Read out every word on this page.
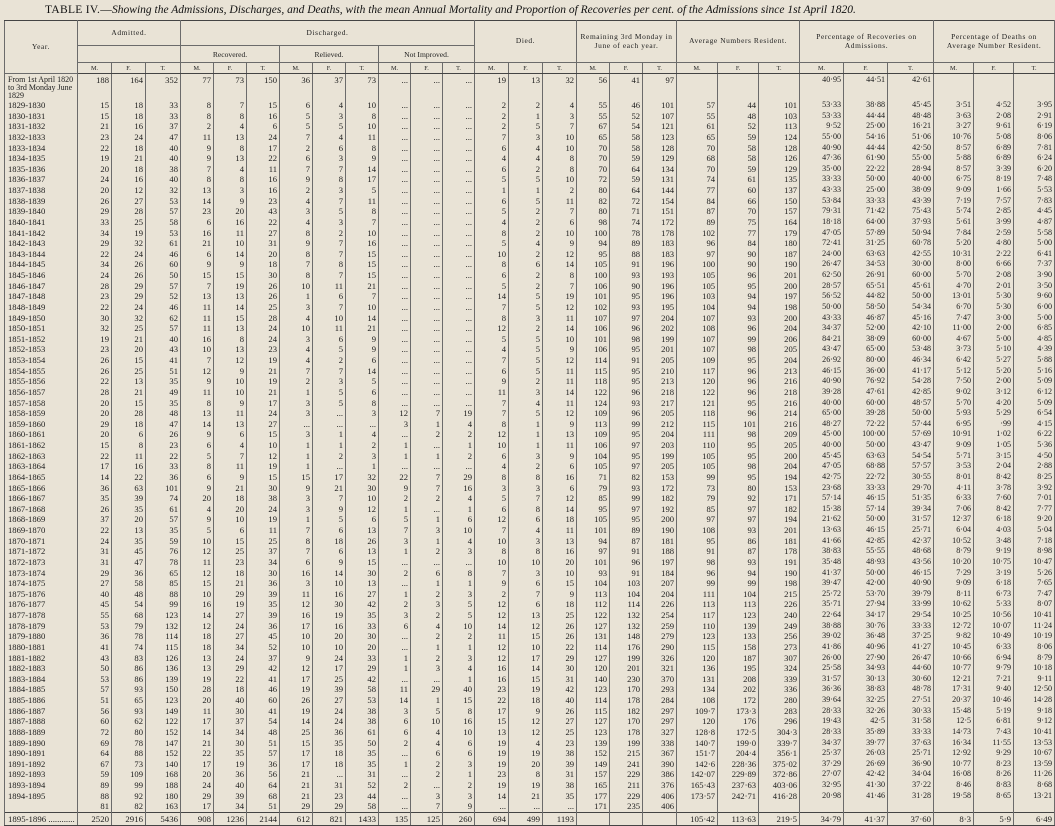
TABLE IV.—Showing the Admissions, Discharges, and Deaths, with the mean Annual Mortality and Proportion of Recoveries per cent. of the Admissions since 1st April 1820.
Year.	Admitted.			Discharged.									Died.			Remaining 3rd Monday in June of each year.			Average Numbers Resident.			Percentage of Recoveries on Admissions.			Percentage of Deaths on Average Number Resident.		
				Recovered.			Relieved.			Not Improved.																	
	M.	F.	T.	M.	F.	T.	M.	F.	T.	M.	F.	T.	M.	F.	T.	M.	F.	T.	M.	F.	T.	M.	F.	T.	M.	F.	T.
From 1st April 1820 to 3rd Monday June 1829	188	164	352	77	73	150	36	37	73	...	...	...	19	13	32	56	41	97				40·95	44·51	42·61			
1829-1830	15	18	33	8	7	15	6	4	10	...	...	...	2	2	4	55	46	101	57	44	101	53·33	38·88	45·45	3·51	4·52	3·95
1830-1831	15	18	33	8	8	16	5	3	8	...	...	...	2	1	3	55	52	107	55	48	103	53·33	44·44	48·48	3·63	2·08	2·91
1831-1832	21	16	37	2	4	6	5	5	10	...	...	...	2	5	7	67	54	121	61	52	113	9·52	25·00	16·21	3·27	9·61	6·19
1832-1833	23	24	47	11	13	24	7	4	11	...	...	...	7	3	10	65	58	123	65	59	124	55·00	54·16	51·06	10·76	5·08	8·06
1833-1834	22	18	40	9	8	17	2	6	8	...	...	...	6	4	10	70	58	128	70	58	128	40·90	44·44	42·50	8·57	6·89	7·81
1834-1835	19	21	40	9	13	22	6	3	9	...	...	...	4	4	8	70	59	129	68	58	126	47·36	61·90	55·00	5·88	6·89	6·24
1835-1836	20	18	38	7	4	11	7	7	14	...	...	...	6	2	8	70	64	134	70	59	129	35·00	22·22	28·94	8·57	3·39	6·20
1836-1837	24	16	40	8	8	16	9	8	17	...	...	...	5	5	10	72	59	131	74	61	135	33·33	50·00	40·00	6·75	8·19	7·48
1837-1838	20	12	32	13	3	16	2	3	5	...	...	...	1	1	2	80	64	144	77	60	137	43·33	25·00	38·09	9·09	1·66	5·53
1838-1839	26	27	53	14	9	23	4	7	11	...	...	...	6	5	11	82	72	154	84	66	150	53·84	33·33	43·39	7·19	7·57	7·83
1839-1840	29	28	57	23	20	43	3	5	8	...	...	...	5	2	7	80	71	151	87	70	157	79·31	71·42	75·43	5·74	2·85	4·45
1840-1841	33	25	58	6	16	22	4	3	7	...	...	...	4	2	6	98	74	172	89	75	164	18·18	64·00	37·93	5·61	3·99	4·87
1841-1842	34	19	53	16	11	27	8	2	10	...	...	...	8	2	10	100	78	178	102	77	179	47·05	57·89	50·94	7·84	2·59	5·58
1842-1843	29	32	61	21	10	31	9	7	16	...	...	...	5	4	9	94	89	183	96	84	180	72·41	31·25	60·78	5·20	4·80	5·00
1843-1844	22	24	46	6	14	20	8	7	15	...	...	...	10	2	12	95	88	183	97	90	187	24·00	63·63	42·55	10·31	2·22	6·41
1844-1845	34	26	60	9	9	18	7	8	15	...	...	...	8	6	14	105	91	196	100	90	190	26·47	34·53	30·00	8·00	6·66	7·37
1845-1846	24	26	50	15	15	30	8	7	15	...	...	...	6	2	8	100	93	193	105	96	201	62·50	26·91	60·00	5·70	2·08	3·90
1846-1847	28	29	57	7	19	26	10	11	21	...	...	...	5	2	7	106	90	196	105	95	200	28·57	65·51	45·61	4·70	2·01	3·50
1847-1848	23	29	52	13	13	26	1	6	7	...	...	...	14	5	19	101	95	196	103	94	197	56·52	44·82	50·00	13·01	5·30	9·60
1848-1849	22	24	46	11	14	25	3	7	10	...	...	...	7	5	12	102	93	195	104	94	198	50·00	58·50	54·34	6·70	5·30	6·00
1849-1850	30	32	62	11	15	28	4	10	14	...	...	...	8	3	11	107	97	204	107	93	200	43·33	46·87	45·16	7·47	3·00	5·00
1850-1851	32	25	57	11	13	24	10	11	21	...	...	...	12	2	14	106	96	202	108	96	204	34·37	52·00	42·10	11·00	2·00	6·85
1851-1852	19	21	40	16	8	24	3	6	9	...	...	...	5	5	10	101	98	199	107	99	206	84·21	38·09	60·00	4·67	5·00	4·85
1852-1853	23	20	43	10	13	23	4	5	9	...	...	...	4	5	9	106	95	201	107	98	205	43·47	65·00	53·48	3·73	5·10	4·39
1853-1854	26	15	41	7	12	19	4	2	6	...	...	...	7	5	12	114	91	205	109	95	204	26·92	80·00	46·34	6·42	5·27	5·88
1854-1855	26	25	51	12	9	21	7	7	14	...	...	...	6	5	11	115	95	210	117	96	213	46·15	36·00	41·17	5·12	5·20	5·16
1855-1856	22	13	35	9	10	19	2	3	5	...	...	...	9	2	11	118	95	213	120	96	216	40·90	76·92	54·28	7·50	2·00	5·09
1856-1857	28	21	49	11	10	21	1	5	6	...	...	...	11	3	14	122	96	218	122	96	218	39·28	47·61	42·85	9·02	3·12	6·12
1857-1858	20	15	35	8	9	17	3	5	8	...	...	...	7	4	11	124	93	217	121	95	216	40·00	60·00	48·57	5·70	4·20	5·09
1858-1859	20	28	48	13	11	24	3	...	3	12	7	19	7	5	12	109	96	205	118	96	214	65·00	39·28	50·00	5·93	5·29	6·54
1859-1860	29	18	47	14	13	27	...	...	...	3	1	4	8	1	9	113	99	212	115	101	216	48·27	72·22	57·44	6·95	·99	4·15
1860-1861	20	6	26	9	6	15	3	1	4	...	2	2	12	1	13	109	95	204	111	98	209	45·00	100·00	57·69	10·91	1·02	6·22
1861-1862	15	8	23	6	4	10	1	1	2	1	...	1	10	1	11	106	97	203	110	95	205	40·00	50·00	43·47	9·09	1·05	5·36
1862-1863	22	11	22	5	7	12	1	2	3	1	1	2	6	3	9	104	95	199	105	95	200	45·45	63·63	54·54	5·71	3·15	4·50
1863-1864	17	16	33	8	11	19	1	...	1	...	...	...	4	2	6	105	97	205	105	98	204	47·05	68·88	57·57	3·53	2·04	2·88
1864-1865	14	22	36	6	9	15	15	17	32	22	7	29	8	8	16	71	82	153	99	95	194	42·75	22·72	30·55	8·01	8·42	8·25
1865-1866	36	63	101	9	21	30	9	21	30	9	7	16	3	3	6	79	93	172	73	80	153	23·68	33·33	29·70	4·11	3·78	3·92
1866-1867	35	39	74	20	18	38	3	7	10	2	2	4	5	7	12	85	99	182	79	92	171	57·14	46·15	51·35	6·33	7·60	7·01
1867-1868	26	35	61	4	20	24	3	9	12	1	...	1	6	8	14	95	97	192	85	97	182	15·38	57·14	39·34	7·06	8·42	7·77
1868-1869	37	20	57	9	10	19	1	5	6	5	1	6	12	6	18	105	95	200	97	97	194	21·62	50·00	31·57	12·37	6·18	9·20
1869-1870	22	13	35	5	6	11	7	6	13	7	3	10	7	4	11	101	89	190	108	93	201	13·63	46·15	25·71	6·04	4·03	5·04
1870-1871	24	35	59	10	15	25	8	18	26	3	1	4	10	3	13	94	87	181	95	86	181	41·66	42·85	42·37	10·52	3·48	7·18
1871-1872	31	45	76	12	25	37	7	6	13	1	2	3	8	8	16	97	91	188	91	87	178	38·83	55·55	48·68	8·79	9·19	8·98
1872-1873	31	47	78	11	23	34	6	9	15	...	...	...	10	10	20	101	96	197	98	93	191	35·48	48·93	43·56	10·20	10·75	10·47
1873-1874	29	36	65	12	18	30	16	14	30	2	6	8	7	3	10	93	91	184	96	94	190	41·37	50·00	46·15	7·29	3·19	5·26
1874-1875	27	58	85	15	21	36	3	10	13	...	1	1	9	6	15	104	103	207	99	99	198	39·47	42·00	40·90	9·09	6·18	7·65
1875-1876	40	48	88	10	29	39	11	16	27	1	2	3	2	7	9	113	104	204	111	104	215	25·72	53·70	39·79	8·11	6·73	7·47
1876-1877	45	54	99	16	19	35	12	30	42	2	3	5	12	6	18	112	114	226	113	113	226	35·71	27·94	33·99	10·62	5·33	8·07
1877-1878	55	68	123	14	27	39	16	19	35	3	2	5	12	13	25	122	132	254	117	123	240	22·64	34·17	29·54	10·25	10·56	10·41
1878-1879	53	79	132	12	24	36	17	16	33	6	4	10	14	12	26	127	132	259	110	139	249	38·88	30·76	33·33	12·72	10·07	11·24
1879-1880	36	78	114	18	27	45	10	20	30	...	2	2	11	15	26	131	148	279	123	133	256	39·02	36·48	37·25	9·82	10·49	10·19
1880-1881	41	74	115	18	34	52	10	10	20	...	1	1	12	10	22	114	176	290	115	158	273	41·86	40·96	41·27	10·45	6·33	8·06
1881-1882	43	83	126	13	24	37	9	24	33	1	2	3	12	17	29	127	199	326	120	187	307	26·00	27·90	26·47	10·66	6·94	8·79
1882-1883	50	86	136	13	29	42	12	17	29	1	3	4	16	14	30	120	201	321	136	195	324	25·58	34·93	44·60	10·77	9·79	10·18
1883-1884	53	86	139	19	22	41	17	25	42	...	...	1	16	15	31	140	230	370	131	208	339	31·57	30·13	30·60	12·21	7·21	9·11
1884-1885	57	93	150	28	18	46	19	39	58	11	29	40	23	19	42	123	170	293	134	202	336	36·36	38·83	48·78	17·31	9·40	12·50
1885-1886	51	65	123	20	40	60	26	27	53	14	1	15	22	18	40	114	178	284	108	172	280	39·64	32·25	27·51	20·37	10·46	14·28
1886-1887	56	93	149	11	30	41	19	24	38	3	5	8	17	9	26	115	182	297	109·7	173·3	283	28·33	32·26	30·33	15·48	5·19	9·18
1887-1888	60	62	122	17	37	54	14	24	38	6	10	16	15	12	27	127	170	297	120	176	296	19·43	42·5	31·58	12·5	6·81	9·12
1888-1889	72	80	152	14	34	48	25	36	61	6	4	10	13	12	25	123	178	327	128·8	172·5	304·3	28·33	35·89	33·33	14·73	7·43	10·41
1889-1890	69	78	147	21	30	51	15	35	50	2	4	6	19	4	23	139	199	338	140·7	199·0	339·7	34·37	39·77	37·63	16·34	11·55	13·53
1890-1891	64	88	152	22	35	57	17	18	35	...	6	6	19	19	38	152	215	367	151·7	204·4	356·1	25·37	26·03	25·71	12·92	9·29	10·67
1891-1892	67	73	140	17	19	36	17	18	35	1	2	3	19	20	39	149	241	390	142·6	228·36	375·02	37·29	26·69	36·90	10·77	8·23	13·59
1892-1893	59	109	168	20	36	56	21	...	31	...	2	1	23	8	31	157	229	386	142·07	229·89	372·86	27·07	42·42	34·04	16·08	8·26	11·26
1893-1894	89	99	188	24	40	64	21	31	52	2	...	2	19	19	38	165	211	376	165·43	237·63	403·06	32·95	41·30	37·22	8·46	8·83	8·68
1894-1895	88	92	180	29	39	68	21	23	44	...	3	3	14	21	35	177	229	406	173·57	242·71	416·28	20·98	41·46	31·28	19·58	8·65	13·21
	81	82	163	17	34	51	29	29	58	...	7	9	...	...	...	171	235	406									
1895-1896 ............	2520	2916	5436	908	1236	2144	612	821	1433	135	125	260	694	499	1193				105·42	113·63	219·5	34·79	41·37	37·60	8·3	5·9	6·49
